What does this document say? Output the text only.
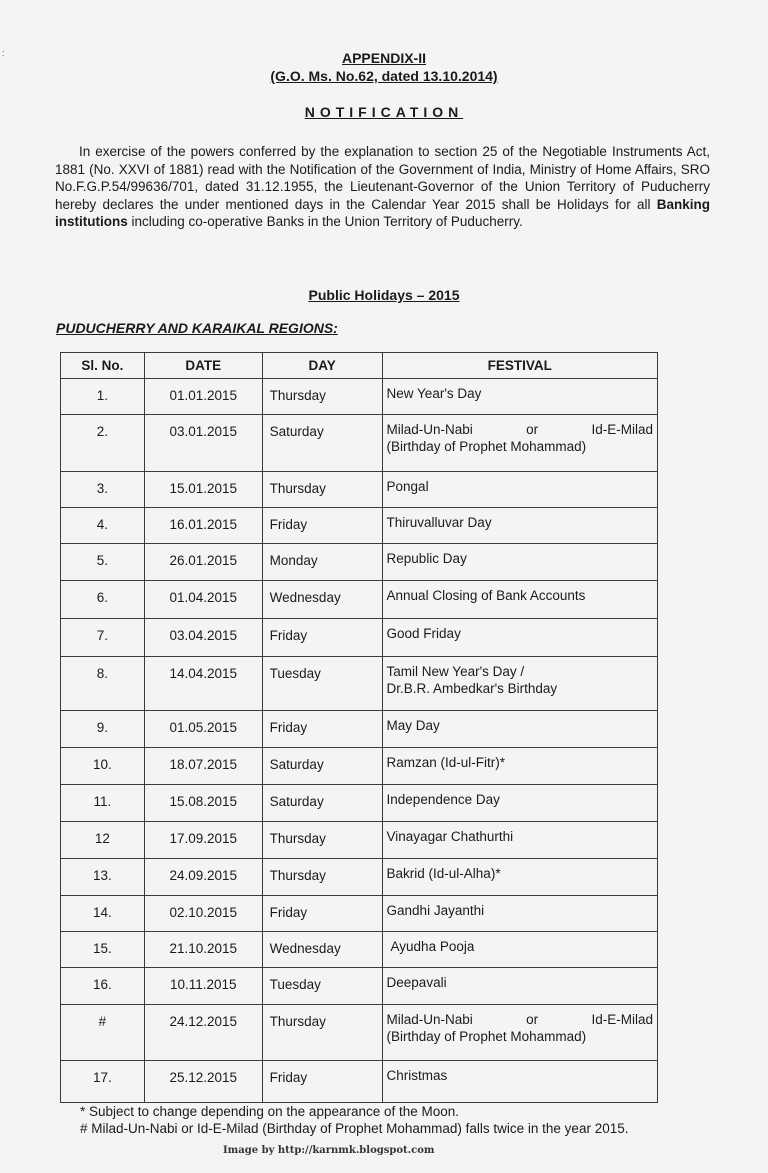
:	APPENDIX-II
(G.O. Ms. No.62, dated 13.10.2014)
NOTIFICATION
In exercise of the powers conferred by the explanation to section 25 of the Negotiable Instruments Act, 1881 (No. XXVI of 1881) read with the Notification of the Government of India, Ministry of Home Affairs, SRO No.F.G.P.54/99636/701, dated 31.12.1955, the Lieutenant-Governor of the Union Territory of Puducherry hereby declares the under mentioned days in the Calendar Year 2015 shall be Holidays for all Banking institutions including co-operative Banks in the Union Territory of Puducherry.
Public Holidays – 2015
PUDUCHERRY AND KARAIKAL REGIONS:
Sl. No.	DATE	DAY	FESTIVAL
1.	01.01.2015	Thursday	New Year's Day

2.	03.01.2015	Saturday	Milad-Un-Nabi or Id-E-Milad
(Birthday of Prophet Mohammad)

3.	15.01.2015	Thursday	Pongal

4.	16.01.2015	Friday	Thiruvalluvar Day

5.	26.01.2015	Monday	Republic Day

6.	01.04.2015	Wednesday	Annual Closing of Bank Accounts

7.	03.04.2015	Friday	Good Friday

8.	14.04.2015	Tuesday	Tamil New Year's Day /
Dr.B.R. Ambedkar's Birthday

9.	01.05.2015	Friday	May Day

10.	18.07.2015	Saturday	Ramzan (Id-ul-Fitr)*

11.	15.08.2015	Saturday	Independence Day

12	17.09.2015	Thursday	Vinayagar Chathurthi

13.	24.09.2015	Thursday	Bakrid (Id-ul-Alha)*

14.	02.10.2015	Friday	Gandhi Jayanthi

15.	21.10.2015	Wednesday	Ayudha Pooja

16.	10.11.2015	Tuesday	Deepavali

#	24.12.2015	Thursday	Milad-Un-Nabi or Id-E-Milad
(Birthday of Prophet Mohammad)

17.	25.12.2015	Friday	Christmas
* Subject to change depending on the appearance of the Moon.
# Milad-Un-Nabi or Id-E-Milad (Birthday of Prophet Mohammad) falls twice in the year 2015.
Image by http://karnmk.blogspot.com
